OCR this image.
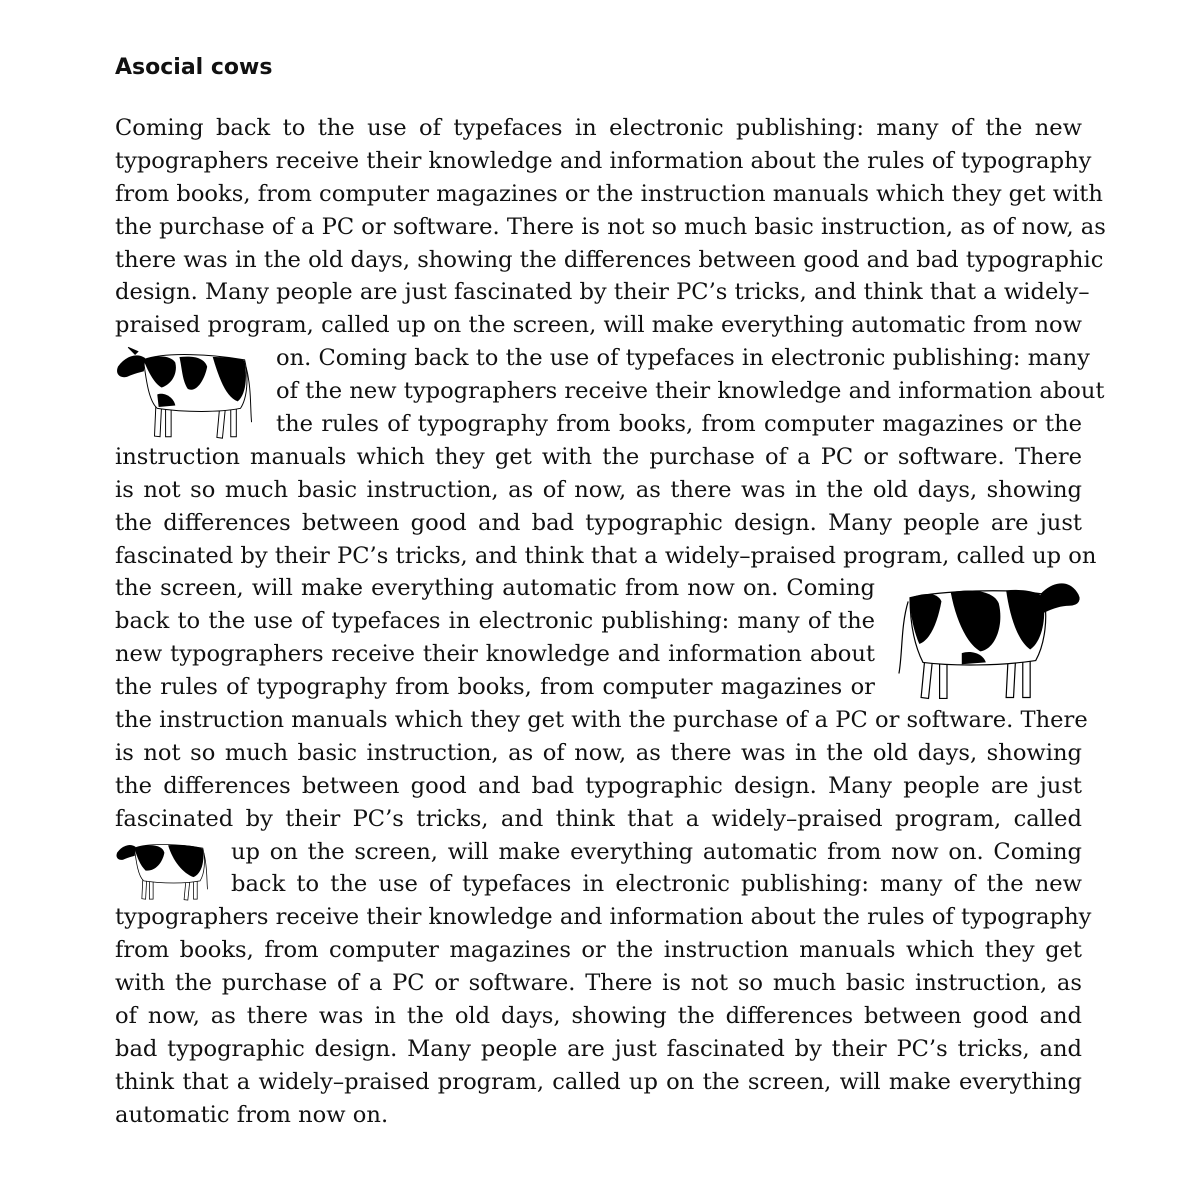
Asocial cows
Coming back to the use of typefaces in electronic publishing: many of the new
typographers receive their knowledge and information about the rules of typography
from books, from computer magazines or the instruction manuals which they get with
the purchase of a PC or software. There is not so much basic instruction, as of now, as
there was in the old days, showing the differences between good and bad typographic
design. Many people are just fascinated by their PC’s tricks, and think that a widely–
praised program, called up on the screen, will make everything automatic from now
on. Coming back to the use of typefaces in electronic publishing: many
of the new typographers receive their knowledge and information about
the rules of typography from books, from computer magazines or the
instruction manuals which they get with the purchase of a PC or software. There
is not so much basic instruction, as of now, as there was in the old days, showing
the differences between good and bad typographic design. Many people are just
fascinated by their PC’s tricks, and think that a widely–praised program, called up on
the screen, will make everything automatic from now on. Coming
back to the use of typefaces in electronic publishing: many of the
new typographers receive their knowledge and information about
the rules of typography from books, from computer magazines or
the instruction manuals which they get with the purchase of a PC or software. There
is not so much basic instruction, as of now, as there was in the old days, showing
the differences between good and bad typographic design. Many people are just
fascinated by their PC’s tricks, and think that a widely–praised program, called
up on the screen, will make everything automatic from now on. Coming
back to the use of typefaces in electronic publishing: many of the new
typographers receive their knowledge and information about the rules of typography
from books, from computer magazines or the instruction manuals which they get
with the purchase of a PC or software. There is not so much basic instruction, as
of now, as there was in the old days, showing the differences between good and
bad typographic design. Many people are just fascinated by their PC’s tricks, and
think that a widely–praised program, called up on the screen, will make everything
automatic from now on.
